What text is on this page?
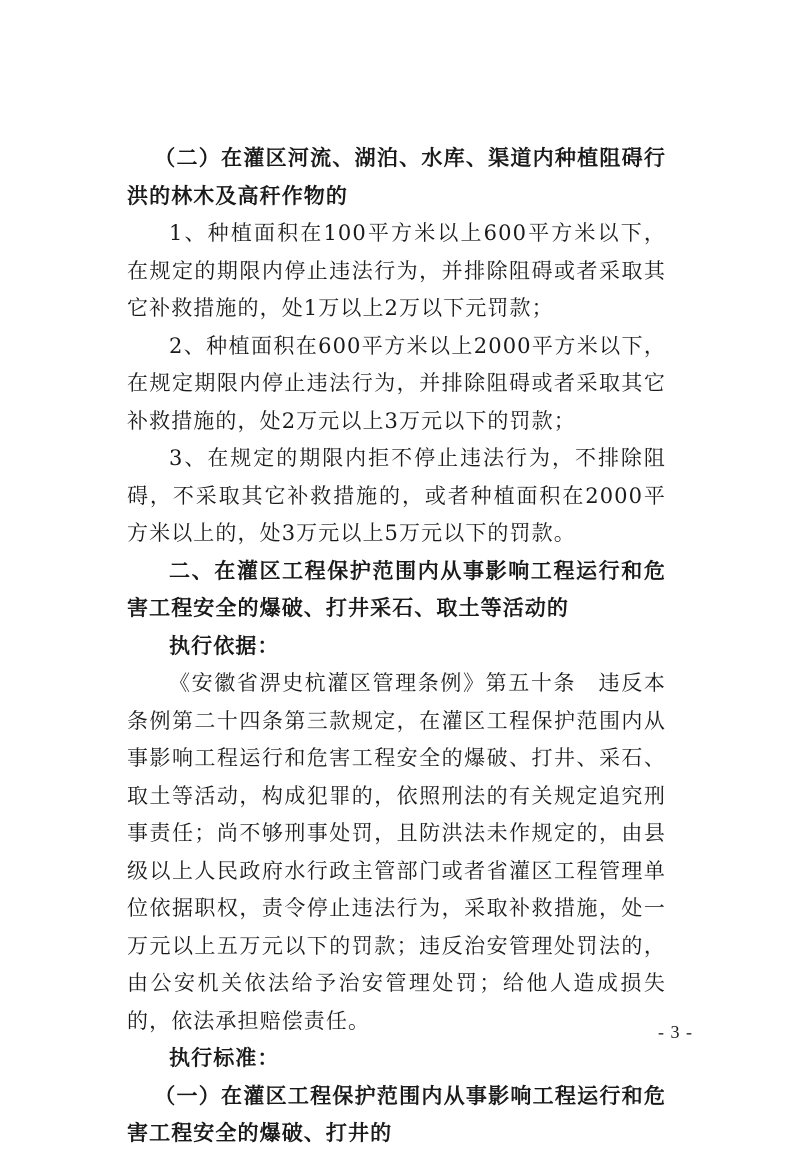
（二）在灌区河流、湖泊、水库、渠道内种植阻碍行洪的林木及高秆作物的

1、种植面积在100平方米以上600平方米以下，在规定的期限内停止违法行为，并排除阻碍或者采取其它补救措施的，处1万以上2万以下元罚款；

2、种植面积在600平方米以上2000平方米以下，在规定期限内停止违法行为，并排除阻碍或者采取其它补救措施的，处2万元以上3万元以下的罚款；

3、在规定的期限内拒不停止违法行为，不排除阻碍，不采取其它补救措施的，或者种植面积在2000平方米以上的，处3万元以上5万元以下的罚款。

二、在灌区工程保护范围内从事影响工程运行和危害工程安全的爆破、打井采石、取土等活动的

执行依据：

《安徽省淠史杭灌区管理条例》第五十条　违反本条例第二十四条第三款规定，在灌区工程保护范围内从事影响工程运行和危害工程安全的爆破、打井、采石、取土等活动，构成犯罪的，依照刑法的有关规定追究刑事责任；尚不够刑事处罚，且防洪法未作规定的，由县级以上人民政府水行政主管部门或者省灌区工程管理单位依据职权，责令停止违法行为，采取补救措施，处一万元以上五万元以下的罚款；违反治安管理处罚法的，由公安机关依法给予治安管理处罚；给他人造成损失的，依法承担赔偿责任。

执行标准：

（一）在灌区工程保护范围内从事影响工程运行和危害工程安全的爆破、打井的

- 3 -
